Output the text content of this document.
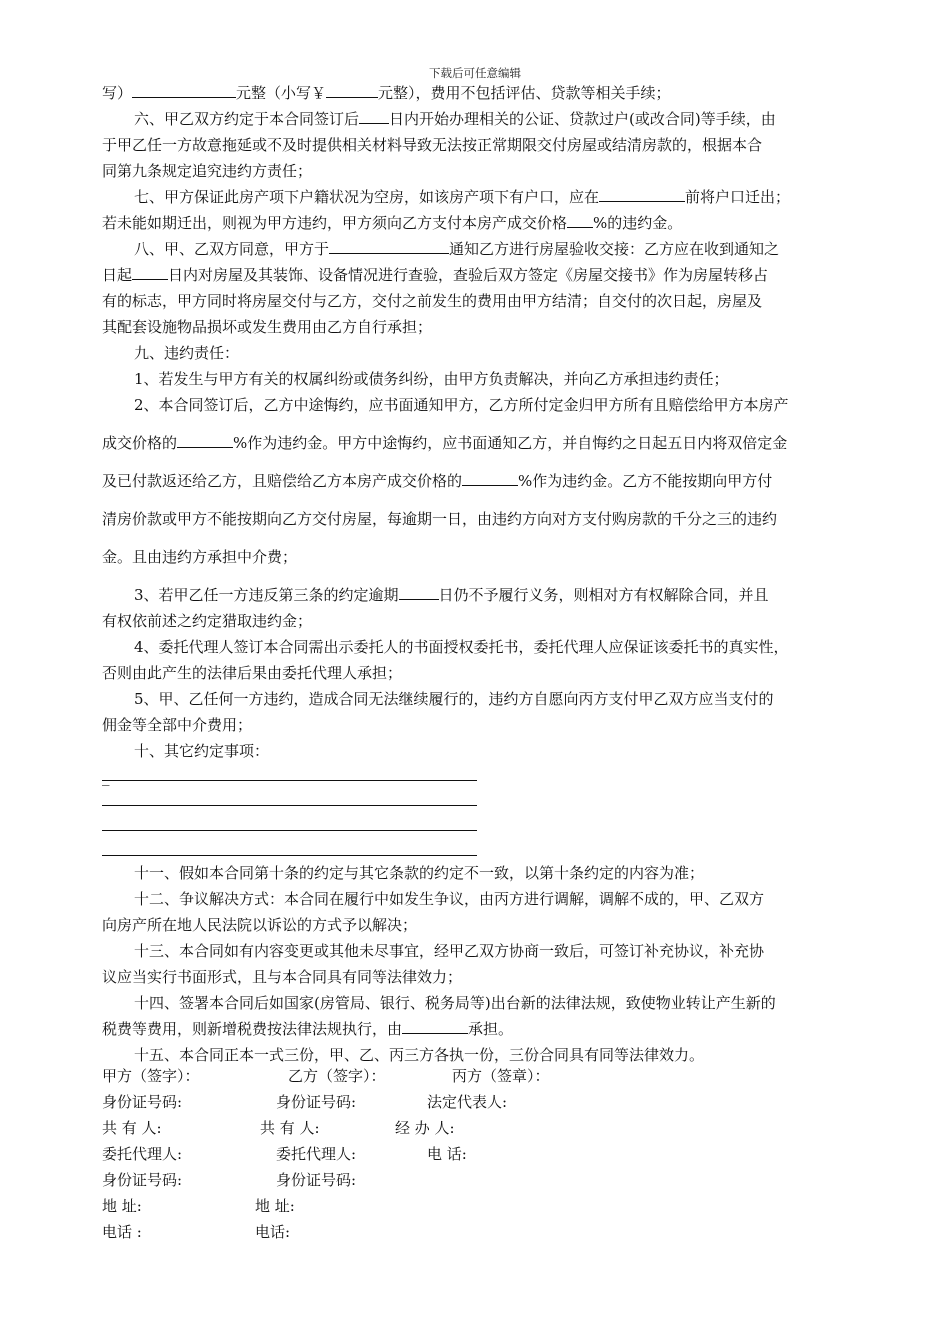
下载后可任意编辑

写）	元整（小写￥	元整），费用不包括评估、贷款等相关手续；

六、甲乙双方约定于本合同签订后 日内开始办理相关的公证、贷款过户(或改合同)等手续，由

于甲乙任一方故意拖延或不及时提供相关材料导致无法按正常期限交付房屋或结清房款的，根据本合

同第九条规定追究违约方责任；

七、甲方保证此房产项下户籍状况为空房，如该房产项下有户口，应在	前将户口迁出；

若未能如期迁出，则视为甲方违约，甲方须向乙方支付本房产成交价格 %的违约金。

八、甲、乙双方同意，甲方于	通知乙方进行房屋验收交接：乙方应在收到通知之

日起 日内对房屋及其装饰、设备情况进行查验，查验后双方签定《房屋交接书》作为房屋转移占

有的标志，甲方同时将房屋交付与乙方，交付之前发生的费用由甲方结清；自交付的次日起，房屋及

其配套设施物品损坏或发生费用由乙方自行承担；

九、违约责任：

1、若发生与甲方有关的权属纠纷或债务纠纷，由甲方负责解决，并向乙方承担违约责任；

2、本合同签订后，乙方中途悔约，应书面通知甲方，乙方所付定金归甲方所有且赔偿给甲方本房产

成交价格的	%作为违约金。甲方中途悔约，应书面通知乙方，并自悔约之日起五日内将双倍定金

及已付款返还给乙方，且赔偿给乙方本房产成交价格的	%作为违约金。乙方不能按期向甲方付

清房价款或甲方不能按期向乙方交付房屋，每逾期一日，由违约方向对方支付购房款的千分之三的违约

金。且由违约方承担中介费；

3、若甲乙任一方违反第三条的约定逾期	日仍不予履行义务，则相对方有权解除合同，并且

有权依前述之约定猎取违约金；

4、委托代理人签订本合同需出示委托人的书面授权委托书，委托代理人应保证该委托书的真实性，

否则由此产生的法律后果由委托代理人承担；

5、甲、乙任何一方违约，造成合同无法继续履行的，违约方自愿向丙方支付甲乙双方应当支付的

佣金等全部中介费用；

十、其它约定事项：

_

十一、假如本合同第十条的约定与其它条款的约定不一致，以第十条约定的内容为准；

十二、争议解决方式：本合同在履行中如发生争议，由丙方进行调解，调解不成的，甲、乙双方

向房产所在地人民法院以诉讼的方式予以解决；

十三、本合同如有内容变更或其他未尽事宜，经甲乙双方协商一致后，可签订补充协议，补充协

议应当实行书面形式，且与本合同具有同等法律效力；

十四、签署本合同后如国家(房管局、银行、税务局等)出台新的法律法规，致使物业转让产生新的

税费等费用，则新增税费按法律法规执行，由	承担。

十五、本合同正本一式三份，甲、乙、丙三方各执一份，三份合同具有同等法律效力。

甲方（签字）：	乙方（签字）：	丙方（签章）：
身份证号码:	身份证号码:	法定代表人:
共 有 人:	共 有 人:	经 办 人:
委托代理人:	委托代理人:	电 话:
身份证号码:	身份证号码:
地 址:	地 址:
电话 :	电话:
